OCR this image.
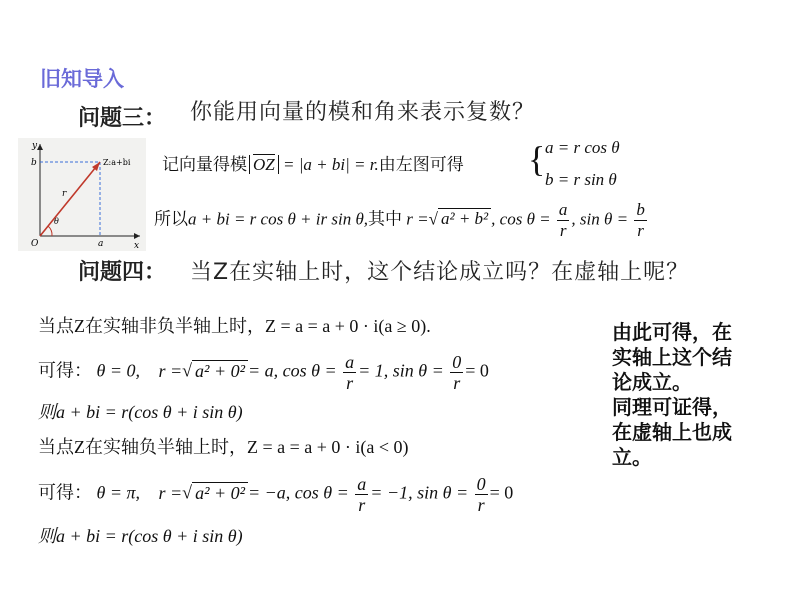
旧知导入
问题三： 你能用向量的模和角来表示复数？
y
x
O
b
a
r
θ
Z:a+bi 记向量得模 OZ = |a + bi| = r.由左图可得 { a = r cos θ
b = r sin θ
所以a + bi = r cos θ + ir sin θ,其中 r =√ a² + b² , $\cos \theta = \frac{a}{r}$ , $\sin \theta = \frac{b}{r}$
问题四： 当Z在实轴上时，这个结论成立吗？在虚轴上呢？
当点Z在实轴非负半轴上时，Z = a = a + 0 · i(a ≥ 0).
可得： θ = 0, r =√ a² + 0² = a, $\cos \theta = \frac{a}{r} = 1$, $\sin \theta = \frac{0}{r} = 0$
则a + bi = r(cos θ + i sin θ)
当点Z在实轴负半轴上时，Z = a = a + 0 · i(a < 0)
可得： θ = π, r =√ a² + 0² = −a, $\cos \theta = \frac{a}{r} = -1$, $\sin \theta = \frac{0}{r} = 0$
则a + bi = r(cos θ + i sin θ)
由此可得，在
实轴上这个结
论成立。
同理可证得，
在虚轴上也成
立。
